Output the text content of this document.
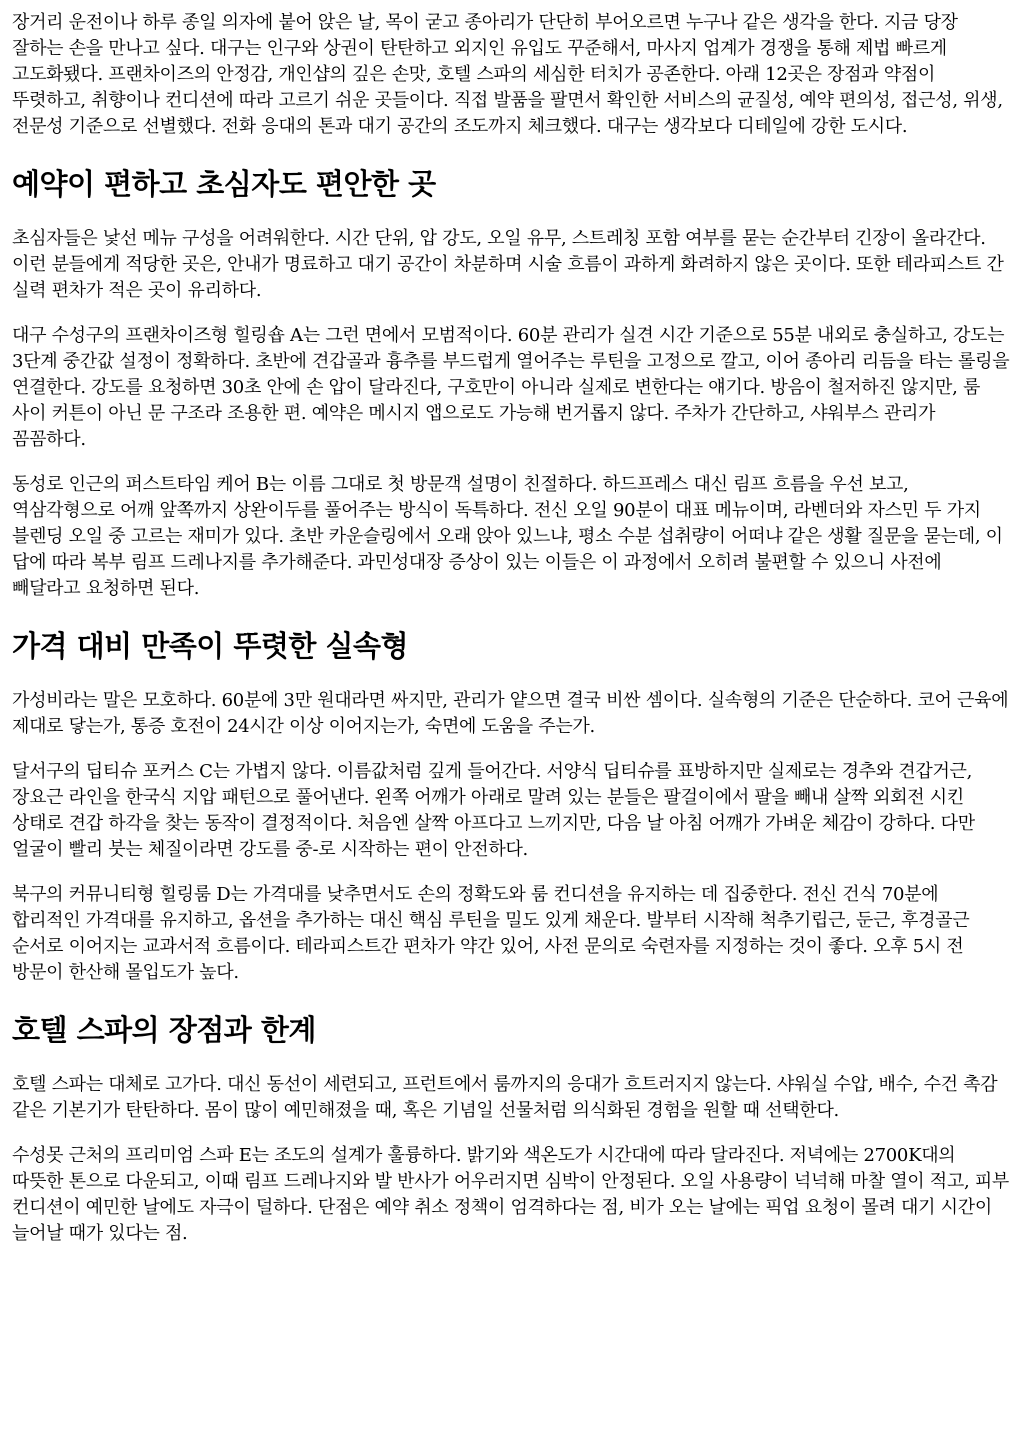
장거리 운전이나 하루 종일 의자에 붙어 앉은 날, 목이 굳고 종아리가 단단히 부어오르면 누구나 같은 생각을 한다. 지금 당장 잘하는 손을 만나고 싶다. 대구는 인구와 상권이 탄탄하고 외지인 유입도 꾸준해서, 마사지 업계가 경쟁을 통해 제법 빠르게 고도화됐다. 프랜차이즈의 안정감, 개인샵의 깊은 손맛, 호텔 스파의 세심한 터치가 공존한다. 아래 12곳은 장점과 약점이 뚜렷하고, 취향이나 컨디션에 따라 고르기 쉬운 곳들이다. 직접 발품을 팔면서 확인한 서비스의 균질성, 예약 편의성, 접근성, 위생, 전문성 기준으로 선별했다. 전화 응대의 톤과 대기 공간의 조도까지 체크했다. 대구는 생각보다 디테일에 강한 도시다.

예약이 편하고 초심자도 편안한 곳

초심자들은 낯선 메뉴 구성을 어려워한다. 시간 단위, 압 강도, 오일 유무, 스트레칭 포함 여부를 묻는 순간부터 긴장이 올라간다. 이런 분들에게 적당한 곳은, 안내가 명료하고 대기 공간이 차분하며 시술 흐름이 과하게 화려하지 않은 곳이다. 또한 테라피스트 간 실력 편차가 적은 곳이 유리하다.

대구 수성구의 프랜차이즈형 힐링숍 A는 그런 면에서 모범적이다. 60분 관리가 실견 시간 기준으로 55분 내외로 충실하고, 강도는 3단계 중간값 설정이 정확하다. 초반에 견갑골과 흉추를 부드럽게 열어주는 루틴을 고정으로 깔고, 이어 종아리 리듬을 타는 롤링을 연결한다. 강도를 요청하면 30초 안에 손 압이 달라진다, 구호만이 아니라 실제로 변한다는 얘기다. 방음이 철저하진 않지만, 룸 사이 커튼이 아닌 문 구조라 조용한 편. 예약은 메시지 앱으로도 가능해 번거롭지 않다. 주차가 간단하고, 샤워부스 관리가 꼼꼼하다.

동성로 인근의 퍼스트타임 케어 B는 이름 그대로 첫 방문객 설명이 친절하다. 하드프레스 대신 림프 흐름을 우선 보고, 역삼각형으로 어깨 앞쪽까지 상완이두를 풀어주는 방식이 독특하다. 전신 오일 90분이 대표 메뉴이며, 라벤더와 자스민 두 가지 블렌딩 오일 중 고르는 재미가 있다. 초반 카운슬링에서 오래 앉아 있느냐, 평소 수분 섭취량이 어떠냐 같은 생활 질문을 묻는데, 이 답에 따라 복부 림프 드레나지를 추가해준다. 과민성대장 증상이 있는 이들은 이 과정에서 오히려 불편할 수 있으니 사전에 빼달라고 요청하면 된다.

가격 대비 만족이 뚜렷한 실속형

가성비라는 말은 모호하다. 60분에 3만 원대라면 싸지만, 관리가 얕으면 결국 비싼 셈이다. 실속형의 기준은 단순하다. 코어 근육에 제대로 닿는가, 통증 호전이 24시간 이상 이어지는가, 숙면에 도움을 주는가.

달서구의 딥티슈 포커스 C는 가볍지 않다. 이름값처럼 깊게 들어간다. 서양식 딥티슈를 표방하지만 실제로는 경추와 견갑거근, 장요근 라인을 한국식 지압 패턴으로 풀어낸다. 왼쪽 어깨가 아래로 말려 있는 분들은 팔걸이에서 팔을 빼내 살짝 외회전 시킨 상태로 견갑 하각을 찾는 동작이 결정적이다. 처음엔 살짝 아프다고 느끼지만, 다음 날 아침 어깨가 가벼운 체감이 강하다. 다만 얼굴이 빨리 붓는 체질이라면 강도를 중-로 시작하는 편이 안전하다.

북구의 커뮤니티형 힐링룸 D는 가격대를 낮추면서도 손의 정확도와 룸 컨디션을 유지하는 데 집중한다. 전신 건식 70분에 합리적인 가격대를 유지하고, 옵션을 추가하는 대신 핵심 루틴을 밀도 있게 채운다. 발부터 시작해 척추기립근, 둔근, 후경골근 순서로 이어지는 교과서적 흐름이다. 테라피스트간 편차가 약간 있어, 사전 문의로 숙련자를 지정하는 것이 좋다. 오후 5시 전 방문이 한산해 몰입도가 높다.

호텔 스파의 장점과 한계

호텔 스파는 대체로 고가다. 대신 동선이 세련되고, 프런트에서 룸까지의 응대가 흐트러지지 않는다. 샤워실 수압, 배수, 수건 촉감 같은 기본기가 탄탄하다. 몸이 많이 예민해졌을 때, 혹은 기념일 선물처럼 의식화된 경험을 원할 때 선택한다.

수성못 근처의 프리미엄 스파 E는 조도의 설계가 훌륭하다. 밝기와 색온도가 시간대에 따라 달라진다. 저녁에는 2700K대의 따뜻한 톤으로 다운되고, 이때 림프 드레나지와 발 반사가 어우러지면 심박이 안정된다. 오일 사용량이 넉넉해 마찰 열이 적고, 피부 컨디션이 예민한 날에도 자극이 덜하다. 단점은 예약 취소 정책이 엄격하다는 점, 비가 오는 날에는 픽업 요청이 몰려 대기 시간이 늘어날 때가 있다는 점.
